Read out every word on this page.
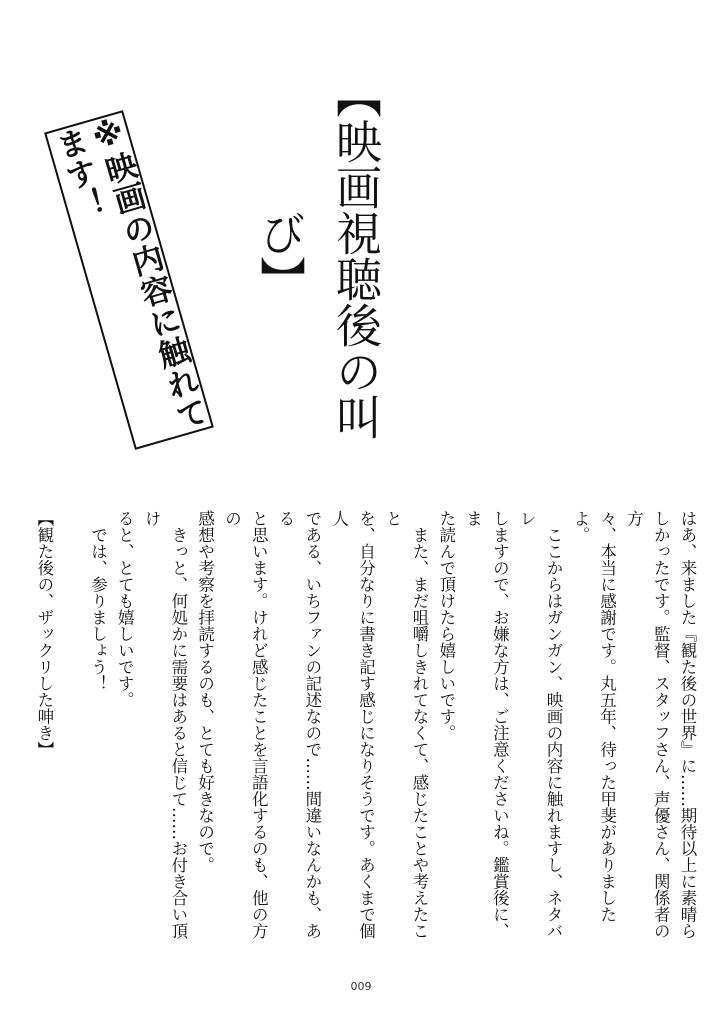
【映画視聴後の叫び】
※映画の内容に触れてます！
はあ、来ました『観た後の世界』に……期待以上に素晴ら
しかったです。監督、スタッフさん、声優さん、関係者の方
々、本当に感謝です。丸五年、待った甲斐がありましたよ。
　ここからはガンガン、映画の内容に触れますし、ネタバレ
しますので、お嫌な方は、ご注意くださいね。鑑賞後に、ま
た読んで頂けたら嬉しいです。
　また、まだ咀嚼しきれてなくて、感じたことや考えたこと
を、自分なりに書き記す感じになりそうです。あくまで個人
である、いちファンの記述なので……間違いなんかも、ある
と思います。けれど感じたことを言語化するのも、他の方の
感想や考察を拝読するのも、とても好きなので。
　きっと、何処かに需要はあると信じて……お付き合い頂け
ると、とても嬉しいです。
　では、参りましょう！
【観た後の、ザックリした呻き】
009
